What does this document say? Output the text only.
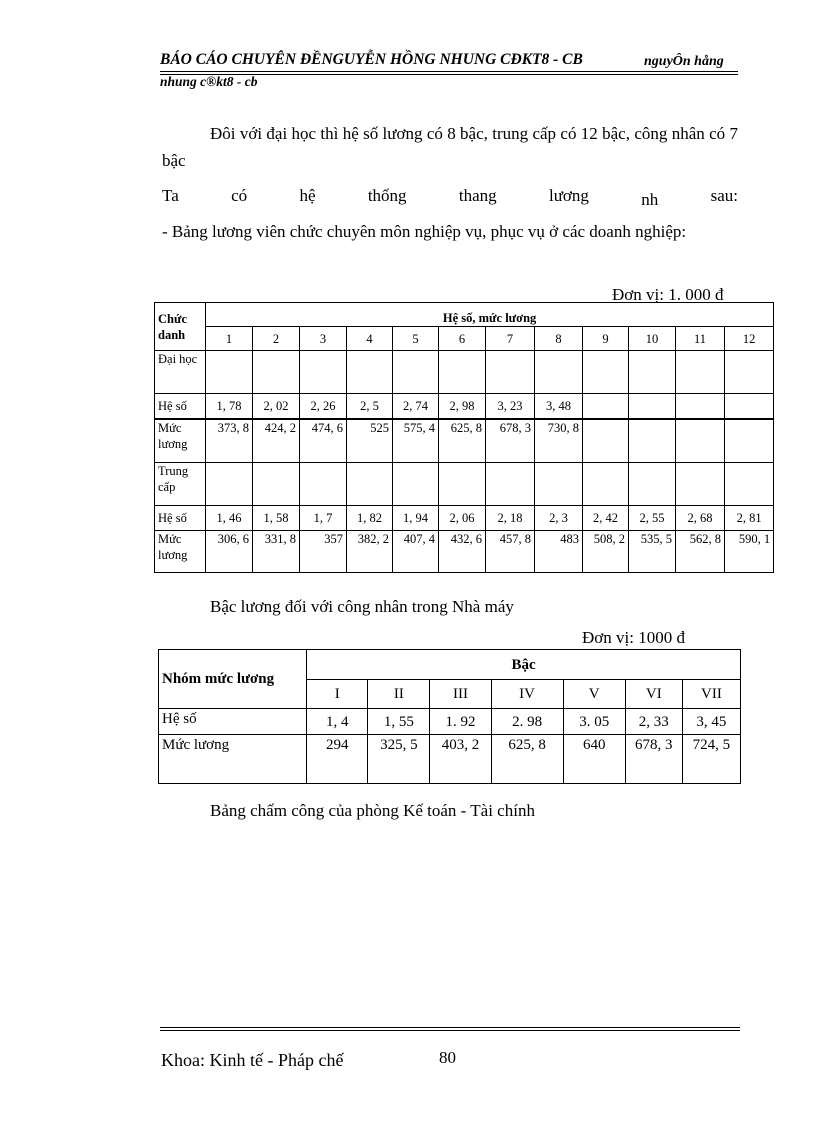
BÁO CÁO CHUYÊN ĐỀNGUYỄN HỒNG NHUNG CĐKT8 - CB	nguyÔn hång
nhung c®kt8 - cb
Đôi với đại học thì hệ số lương có 8 bậc, trung cấp có 12 bậc, công nhân có 7 bậc
Ta	có	hệ	thống	thang	lương	nh	sau:
- Bảng lương viên chức chuyên môn nghiệp vụ, phục vụ ở các doanh nghiệp:
Đơn vị: 1. 000 đ
Chức danh	Hệ số, mức lương											
	1	2	3	4	5	6	7	8	9	10	11	12
Đại học												
Hệ số	1, 78	2, 02	2, 26	2, 5	2, 74	2, 98	3, 23	3, 48				
Mức lương	373, 8	424, 2	474, 6	525	575, 4	625, 8	678, 3	730, 8				
Trung cấp												
Hệ số	1, 46	1, 58	1, 7	1, 82	1, 94	2, 06	2, 18	2, 3	2, 42	2, 55	2, 68	2, 81
Mức lương	306, 6	331, 8	357	382, 2	407, 4	432, 6	457, 8	483	508, 2	535, 5	562, 8	590, 1
Bậc lương đối với công nhân trong Nhà máy
Đơn vị: 1000 đ
Nhóm mức lương	Bậc						
	I	II	III	IV	V	VI	VII
Hệ số	1, 4	1, 55	1. 92	2. 98	3. 05	2, 33	3, 45
Mức lương	294	325, 5	403, 2	625, 8	640	678, 3	724, 5
Bảng chấm công của phòng Kế toán - Tài chính
Khoa: Kinh tế - Pháp chế	80
